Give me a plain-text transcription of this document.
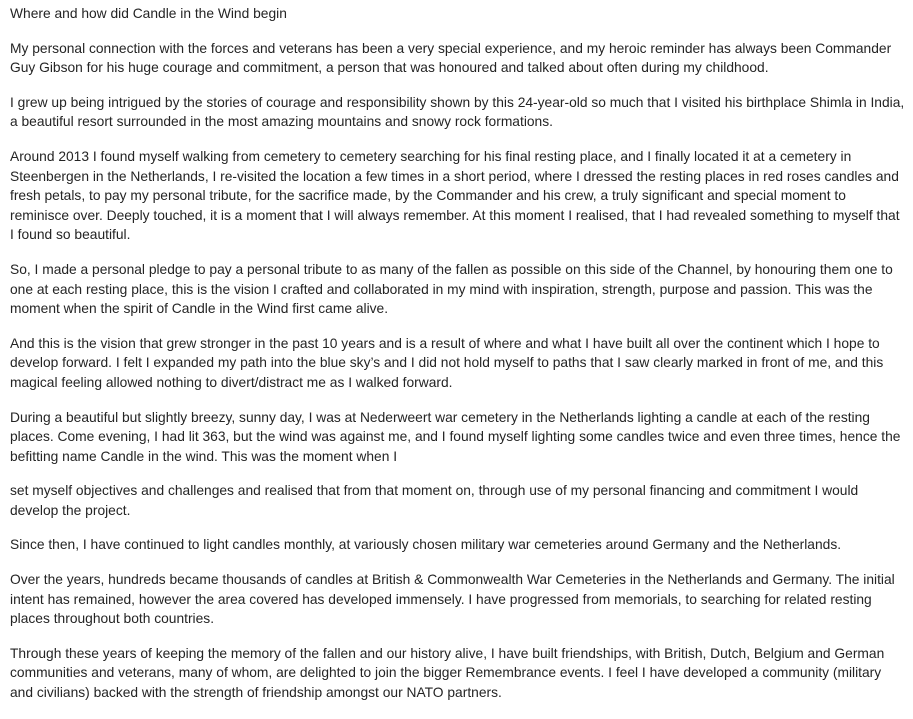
Where and how did Candle in the Wind begin

My personal connection with the forces and veterans has been a very special experience, and my heroic reminder has always been Commander Guy Gibson for his huge courage and commitment, a person that was honoured and talked about often during my childhood.

I grew up being intrigued by the stories of courage and responsibility shown by this 24-year-old so much that I visited his birthplace Shimla in India, a beautiful resort surrounded in the most amazing mountains and snowy rock formations.

Around 2013 I found myself walking from cemetery to cemetery searching for his final resting place, and I finally located it at a cemetery in Steenbergen in the Netherlands, I re-visited the location a few times in a short period, where I dressed the resting places in red roses candles and fresh petals, to pay my personal tribute, for the sacrifice made, by the Commander and his crew, a truly significant and special moment to reminisce over. Deeply touched, it is a moment that I will always remember. At this moment I realised, that I had revealed something to myself that I found so beautiful.

So, I made a personal pledge to pay a personal tribute to as many of the fallen as possible on this side of the Channel, by honouring them one to one at each resting place, this is the vision I crafted and collaborated in my mind with inspiration, strength, purpose and passion. This was the moment when the spirit of Candle in the Wind first came alive.

And this is the vision that grew stronger in the past 10 years and is a result of where and what I have built all over the continent which I hope to develop forward. I felt I expanded my path into the blue sky’s and I did not hold myself to paths that I saw clearly marked in front of me, and this magical feeling allowed nothing to divert/distract me as I walked forward.

During a beautiful but slightly breezy, sunny day, I was at Nederweert war cemetery in the Netherlands lighting a candle at each of the resting places. Come evening, I had lit 363, but the wind was against me, and I found myself lighting some candles twice and even three times, hence the befitting name Candle in the wind. This was the moment when I

set myself objectives and challenges and realised that from that moment on, through use of my personal financing and commitment I would develop the project.

Since then, I have continued to light candles monthly, at variously chosen military war cemeteries around Germany and the Netherlands.

Over the years, hundreds became thousands of candles at British & Commonwealth War Cemeteries in the Netherlands and Germany. The initial intent has remained, however the area covered has developed immensely. I have progressed from memorials, to searching for related resting places throughout both countries.

Through these years of keeping the memory of the fallen and our history alive, I have built friendships, with British, Dutch, Belgium and German communities and veterans, many of whom, are delighted to join the bigger Remembrance events. I feel I have developed a community (military and civilians) backed with the strength of friendship amongst our NATO partners.
